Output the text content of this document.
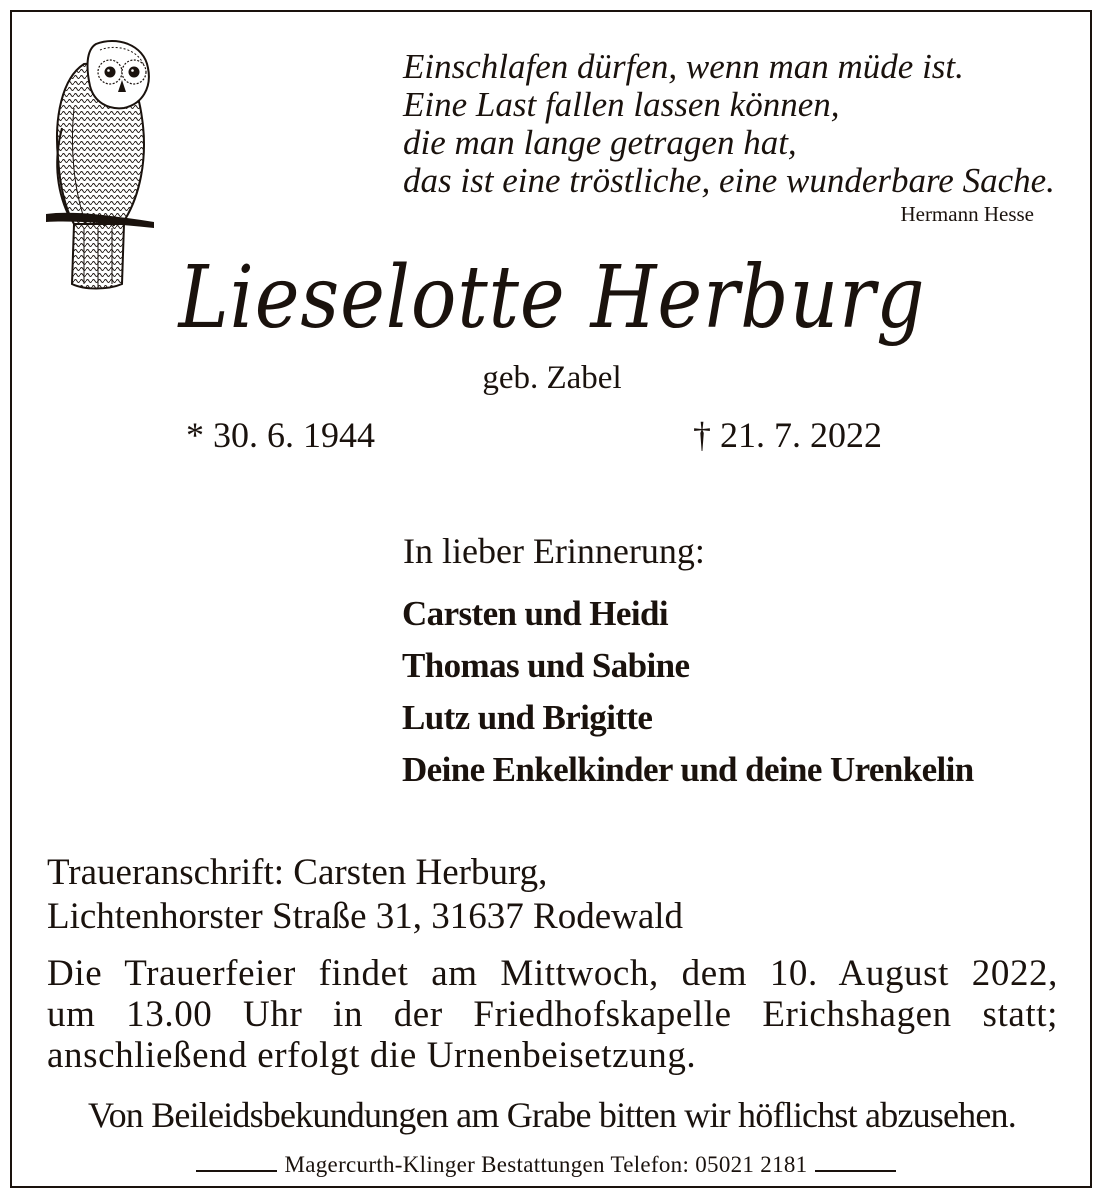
Einschlafen dürfen, wenn man müde ist.
Eine Last fallen lassen können,
die man lange getragen hat,
das ist eine tröstliche, eine wunderbare Sache.
Hermann Hesse
Lieselotte Herburg
geb. Zabel
* 30. 6. 1944	† 21. 7. 2022
In lieber Erinnerung:
Carsten und Heidi
Thomas und Sabine
Lutz und Brigitte
Deine Enkelkinder und deine Urenkelin
Traueranschrift: Carsten Herburg,
Lichtenhorster Straße 31, 31637 Rodewald
Die Trauerfeier findet am Mittwoch, dem 10. August 2022,
um 13.00 Uhr in der Friedhofskapelle Erichshagen statt;
anschließend erfolgt die Urnenbeisetzung.
Von Beileidsbekundungen am Grabe bitten wir höflichst abzusehen.
Magercurth-Klinger Bestattungen Telefon: 05021 2181
